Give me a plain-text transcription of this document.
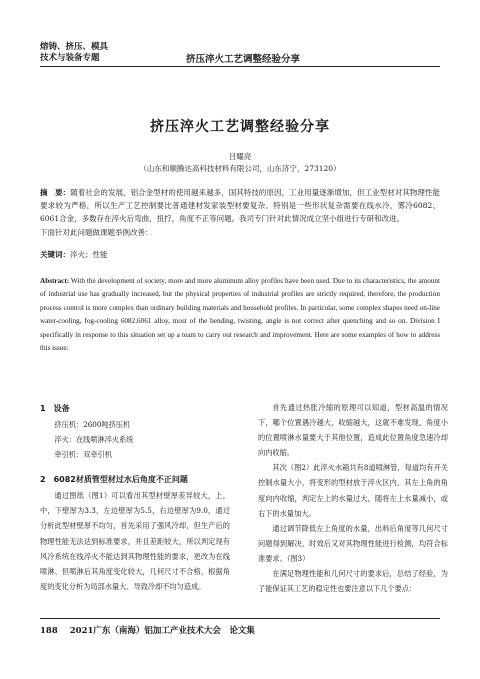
熔铸、挤压、模具
技术与装备专题	挤压淬火工艺调整经验分享
挤压淬火工艺调整经验分享
吕耀亮
（山东和顺腾达高科技材料有限公司，山东济宁，273120）
摘　要：随着社会的发展，铝合金型材的使用越来越多，国其特技的原因，工业用量逐渐增加，但工业型材对其物理性能要求较为严格，所以生产工艺控制要比普通建材发家装型材要复杂。特别是一些形状复杂需要在线水冷，雾冷6082、6061合金，多数存在淬火后弯曲，扭拧，角度不正等问题。我司专门针对此情况成立坚小组进行专研和改进。
下面针对此问题做课题举例改善：
关键词：淬火；性能
Abstract: With the development of society, more and more aluminum alloy profiles have been used. Due to its characteristics, the amount of industrial use has gradually increased, but the physical properties of industrial profiles are strictly required, therefore, the production process control is more complex than ordinary building materials and household profiles. In particular, some complex shapes need on-line water-cooling, fog-cooling 6082,6061 alloy, most of the bending, twisting, angle is not correct after quenching and so on. Division I specifically in response to this situation set up a team to carry out research and improvement. Here are some examples of how to address this issue:
1 设备

挤压机：2600吨挤压机

淬火：在线喷淋淬火系统

牵引机：双牵引机

2 6082材质管型材过水后角度不正问题

通过图纸（图1）可以看出其型材壁厚差异较大，上，中，下壁厚为3.3，左边壁厚为5.5，右边壁厚为9.0，通过分析此型材壁厚不均匀，首先采用了强风冷却，但生产后的物理性能无法达到标准要求，并且差距较大，所以判定现有风冷系统在线淬火不能达到其物理性能的要求，更改为在线喷淋、但喷淋后其角度变化较大，几何尺寸不合格，根据角度的变化分析为局部水量大、导致冷却不均匀造成。

首先通过热胀冷缩的原理可以知道，型材高温的情况下，哪个位置遇冷越大，收缩越大，这就不难发现，角度小的位置喷淋水量要大于其他位置，造成此位置角度急速冷却向内收缩。

其次（图2）此淬火水箱共有8道喷淋管，每道均有开关控制水量大小，将变形的型材放于淬火区内，其左上角的角度向内收缩，判定左上的水量过大，随将左上水量减小，或右下的水量加大。

通过调节降低左上角度的水量，出料后角度等几何尺寸问题得到解决，时效后又对其物理性能进行检测，均符合标准要求。（图3）

在满足物理性能和几何尺寸的要求后，总结了经验，为了能保证其工艺的稳定性也要注意以下几个要点：

188 2021广东（南海）铝加工产业技术大会　论文集
